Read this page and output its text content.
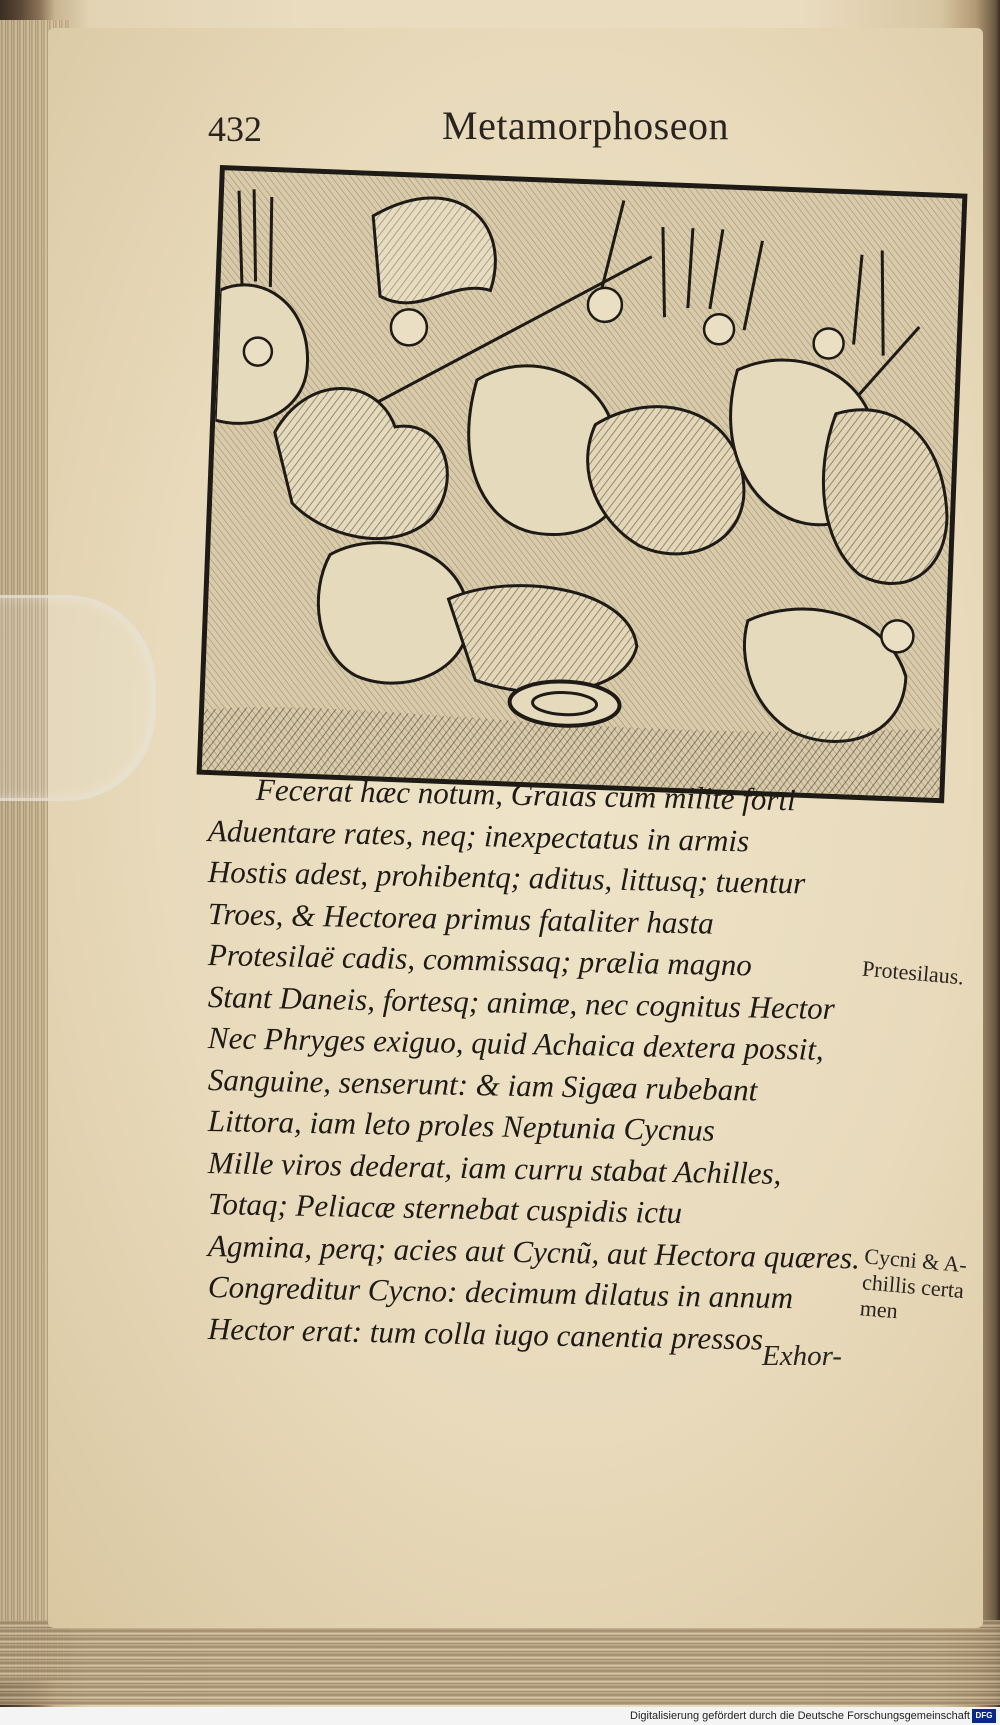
432	Metamorphoseon
Fecerat hæc notum, Graias cum milite forti
Aduentare rates, neq; inexpectatus in armis
Hostis adest, prohibentq; aditus, littusq; tuentur
Troes, & Hectorea primus fataliter hasta
Protesilaë cadis, commissaq; prælia magno
Stant Daneis, fortesq; animæ, nec cognitus Hector
Nec Phryges exiguo, quid Achaica dextera possit,
Sanguine, senserunt: & iam Sigæa rubebant
Littora, iam leto proles Neptunia Cycnus
Mille viros dederat, iam curru stabat Achilles,
Totaq; Peliacæ sternebat cuspidis ictu
Agmina, perq; acies aut Cycnũ, aut Hectora quæres.
Congreditur Cycno: decimum dilatus in annum
Hector erat: tum colla iugo canentia pressos
Protesilaus.
Cycni & A-
chillis certa
men
Exhor-
Digitalisierung gefördert durch die Deutsche Forschungsgemeinschaft DFG
